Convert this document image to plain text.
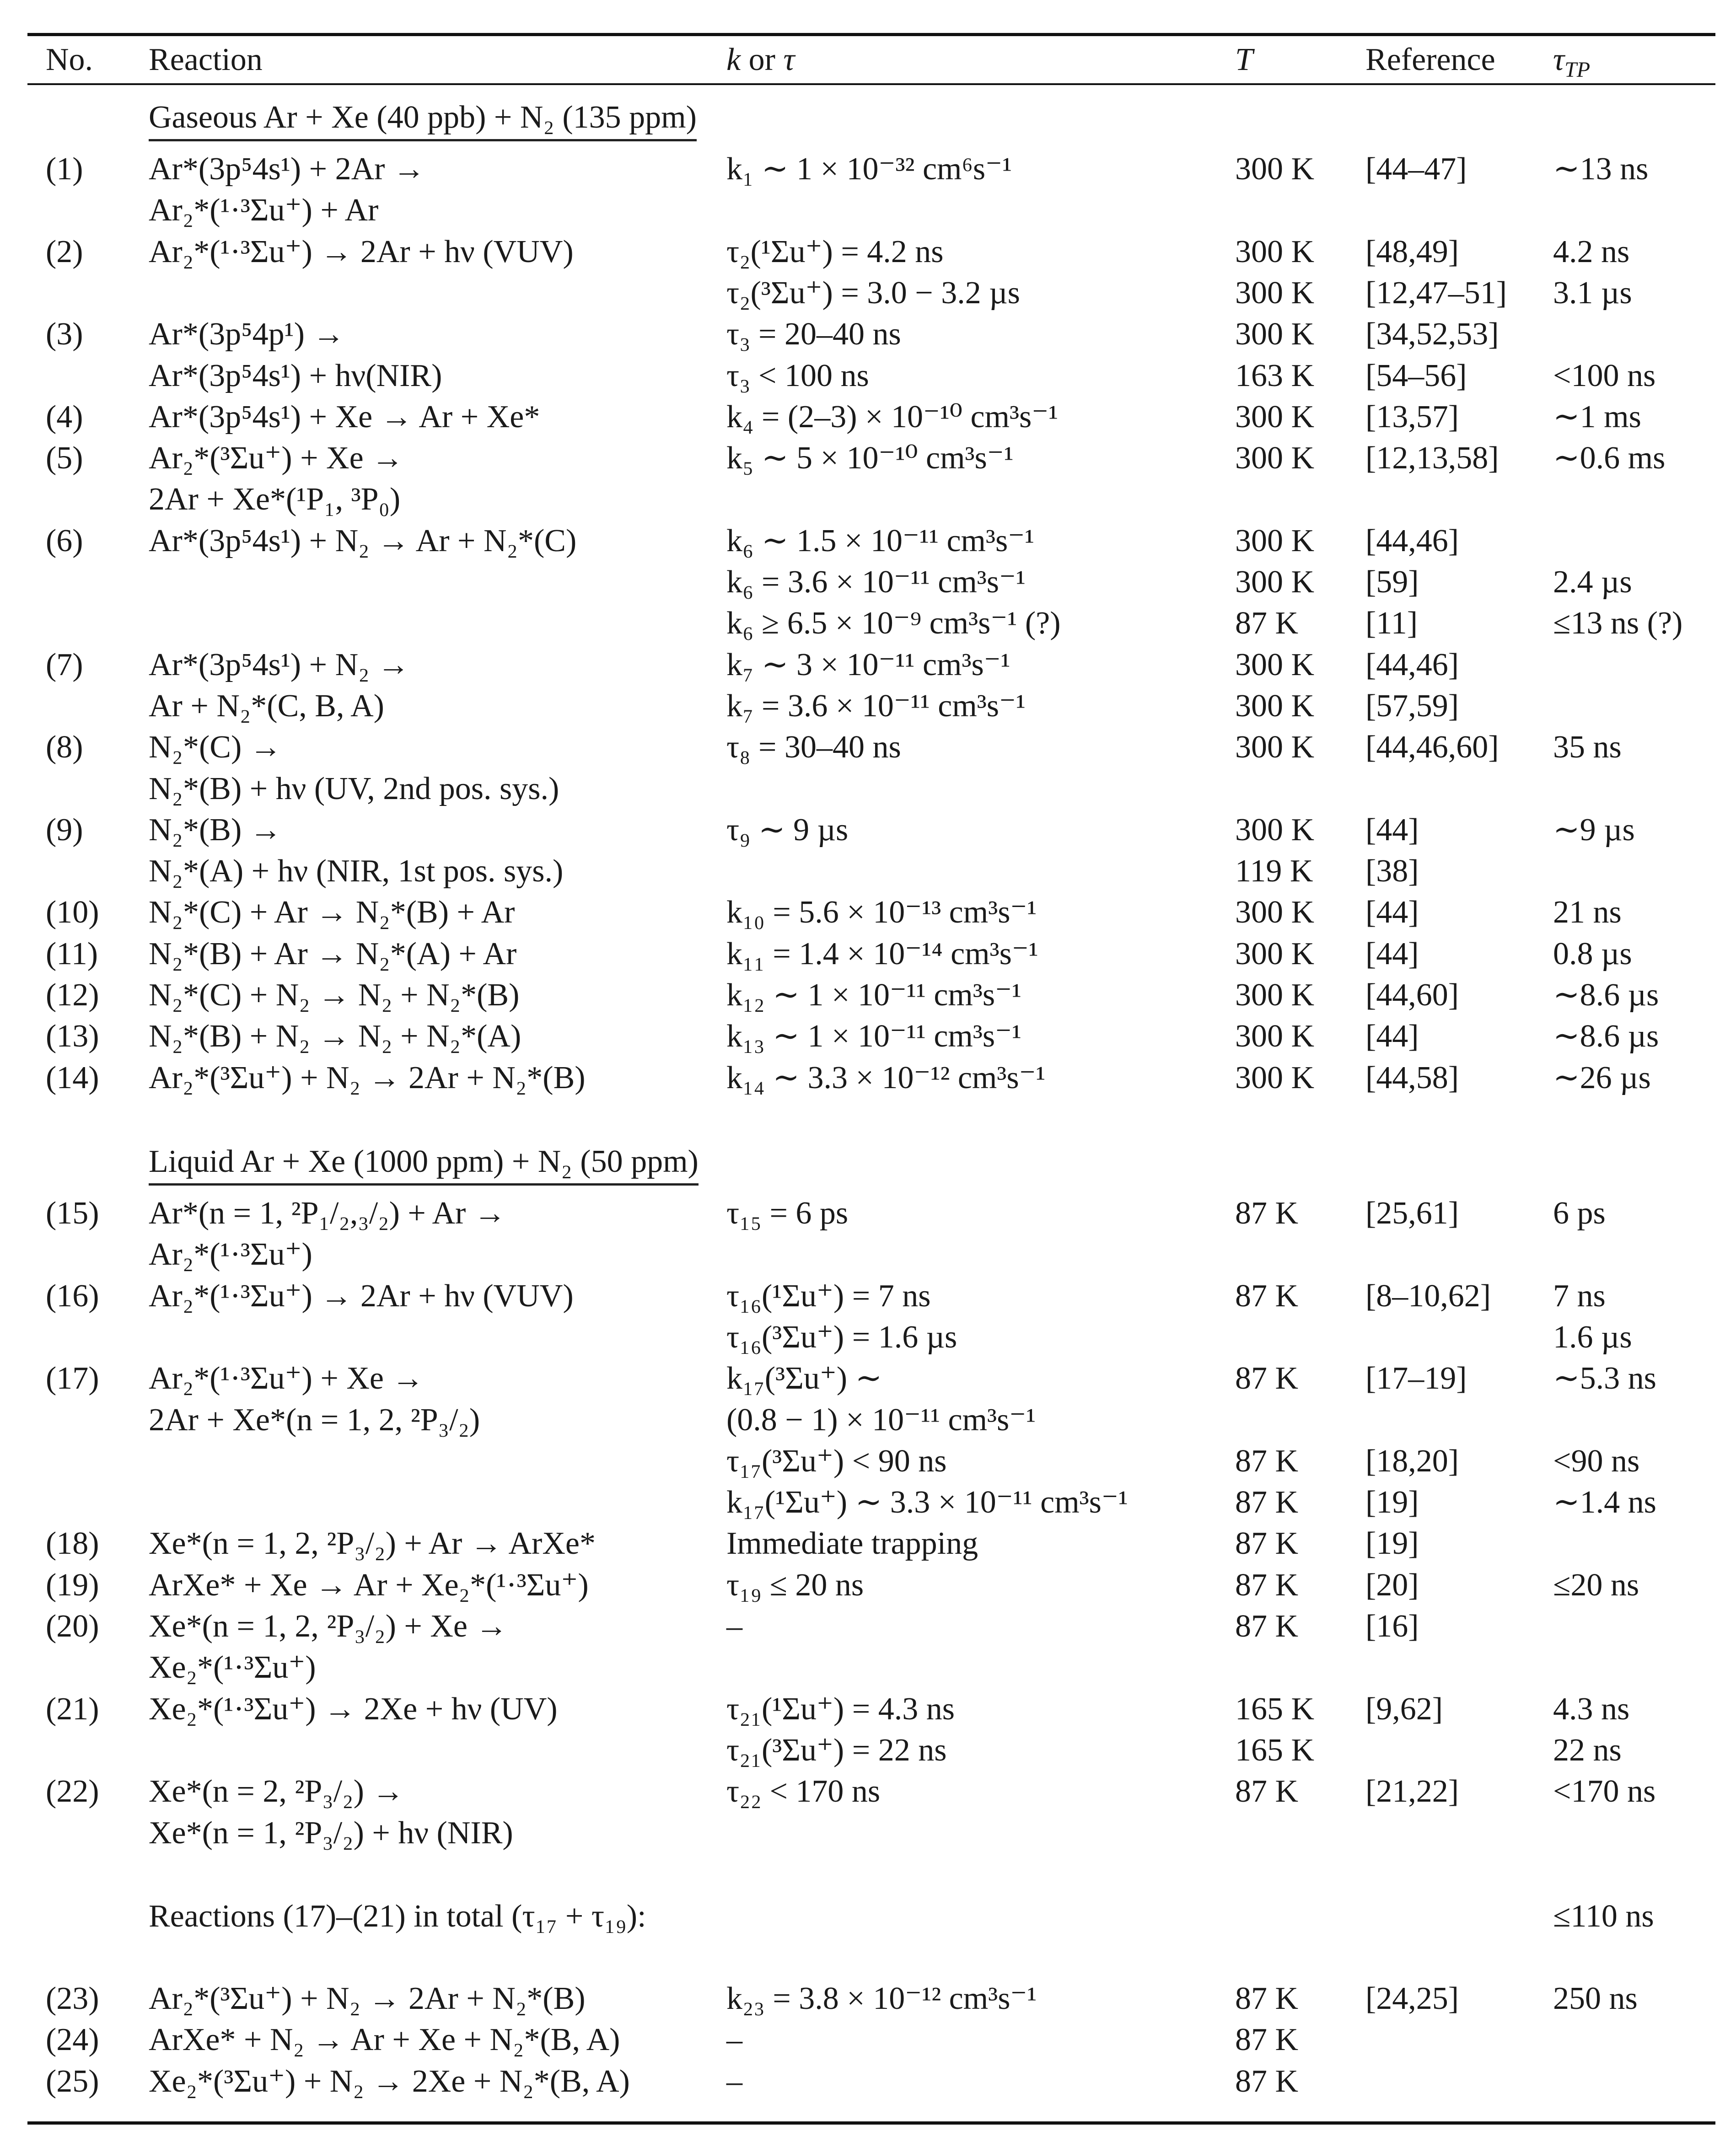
No. Reaction	k or τ	T	Reference $\tau_{TP}$
Gaseous Ar + Xe (40 ppb) + N₂ (135 ppm)
(1) Ar*(3p⁵4s¹) + 2Ar →
Ar₂*(¹·³Σu⁺) + Ar
k₁ ∼ 1 × 10⁻³² cm⁶s⁻¹	300 K [44–47]	∼13 ns
(2) Ar₂*(¹·³Σu⁺) → 2Ar + hν (VUV)	τ₂(¹Σu⁺) = 4.2 ns	300 K [48,49]	4.2 ns
τ₂(³Σu⁺) = 3.0 − 3.2 µs	300 K [12,47–51] 3.1 µs
(3) Ar*(3p⁵4p¹) →
Ar*(3p⁵4s¹) + hν(NIR)
τ₃ = 20–40 ns	300 K [34,52,53]
τ₃ < 100 ns	163 K [54–56]	<100 ns
(4) Ar*(3p⁵4s¹) + Xe → Ar + Xe*	k₄ = (2–3) × 10⁻¹⁰ cm³s⁻¹	300 K [13,57]	∼1 ms
(5) Ar₂*(³Σu⁺) + Xe →
2Ar + Xe*(¹P₁, ³P₀)
k₅ ∼ 5 × 10⁻¹⁰ cm³s⁻¹	300 K [12,13,58] ∼0.6 ms
(6) Ar*(3p⁵4s¹) + N₂ → Ar + N₂*(C)	k₆ ∼ 1.5 × 10⁻¹¹ cm³s⁻¹	300 K [44,46]
k₆ = 3.6 × 10⁻¹¹ cm³s⁻¹	300 K [59]	2.4 µs
k₆ ≥ 6.5 × 10⁻⁹ cm³s⁻¹ (?)	87 K [11]	≤13 ns (?)
(7) Ar*(3p⁵4s¹) + N₂ →
Ar + N₂*(C, B, A)
k₇ ∼ 3 × 10⁻¹¹ cm³s⁻¹	300 K [44,46]
k₇ = 3.6 × 10⁻¹¹ cm³s⁻¹	300 K [57,59]
(8) N₂*(C) →
N₂*(B) + hν (UV, 2nd pos. sys.)
τ₈ = 30–40 ns	300 K [44,46,60] 35 ns
(9) N₂*(B) →
N₂*(A) + hν (NIR, 1st pos. sys.)
τ₉ ∼ 9 µs	300 K [44]	∼9 µs
119 K [38]
(10) N₂*(C) + Ar → N₂*(B) + Ar	k₁₀ = 5.6 × 10⁻¹³ cm³s⁻¹	300 K [44]	21 ns
(11) N₂*(B) + Ar → N₂*(A) + Ar	k₁₁ = 1.4 × 10⁻¹⁴ cm³s⁻¹	300 K [44]	0.8 µs
(12) N₂*(C) + N₂ → N₂ + N₂*(B)	k₁₂ ∼ 1 × 10⁻¹¹ cm³s⁻¹	300 K [44,60]	∼8.6 µs
(13) N₂*(B) + N₂ → N₂ + N₂*(A)	k₁₃ ∼ 1 × 10⁻¹¹ cm³s⁻¹	300 K [44]	∼8.6 µs
(14) Ar₂*(³Σu⁺) + N₂ → 2Ar + N₂*(B)	k₁₄ ∼ 3.3 × 10⁻¹² cm³s⁻¹	300 K [44,58]	∼26 µs
Liquid Ar + Xe (1000 ppm) + N₂ (50 ppm)
(15) Ar*(n = 1, ²P₁/₂,₃/₂) + Ar →
Ar₂*(¹·³Σu⁺)
τ₁₅ = 6 ps	87 K [25,61]	6 ps
(16) Ar₂*(¹·³Σu⁺) → 2Ar + hν (VUV)	τ₁₆(¹Σu⁺) = 7 ns	87 K [8–10,62] 7 ns
τ₁₆(³Σu⁺) = 1.6 µs	1.6 µs
(17) Ar₂*(¹·³Σu⁺) + Xe →
2Ar + Xe*(n = 1, 2, ²P₃/₂)
k₁₇(³Σu⁺) ∼	87 K [17–19]	∼5.3 ns
(0.8 − 1) × 10⁻¹¹ cm³s⁻¹
τ₁₇(³Σu⁺) < 90 ns	87 K [18,20]	<90 ns
k₁₇(¹Σu⁺) ∼ 3.3 × 10⁻¹¹ cm³s⁻¹	87 K [19]	∼1.4 ns
(18) Xe*(n = 1, 2, ²P₃/₂) + Ar → ArXe*	Immediate trapping	87 K [19]
(19) ArXe* + Xe → Ar + Xe₂*(¹·³Σu⁺)	τ₁₉ ≤ 20 ns	87 K [20]	≤20 ns
(20) Xe*(n = 1, 2, ²P₃/₂) + Xe →
Xe₂*(¹·³Σu⁺)
–	87 K [16]
(21) Xe₂*(¹·³Σu⁺) → 2Xe + hν (UV)	τ₂₁(¹Σu⁺) = 4.3 ns	165 K [9,62]	4.3 ns
τ₂₁(³Σu⁺) = 22 ns	165 K	22 ns
(22) Xe*(n = 2, ²P₃/₂) →
Xe*(n = 1, ²P₃/₂) + hν (NIR)
τ₂₂ < 170 ns	87 K [21,22]	<170 ns
Reactions (17)–(21) in total (τ₁₇ + τ₁₉):	≤110 ns
(23) Ar₂*(³Σu⁺) + N₂ → 2Ar + N₂*(B)	k₂₃ = 3.8 × 10⁻¹² cm³s⁻¹	87 K [24,25]	250 ns
(24) ArXe* + N₂ → Ar + Xe + N₂*(B, A)	–	87 K
(25) Xe₂*(³Σu⁺) + N₂ → 2Xe + N₂*(B, A)	–	87 K
